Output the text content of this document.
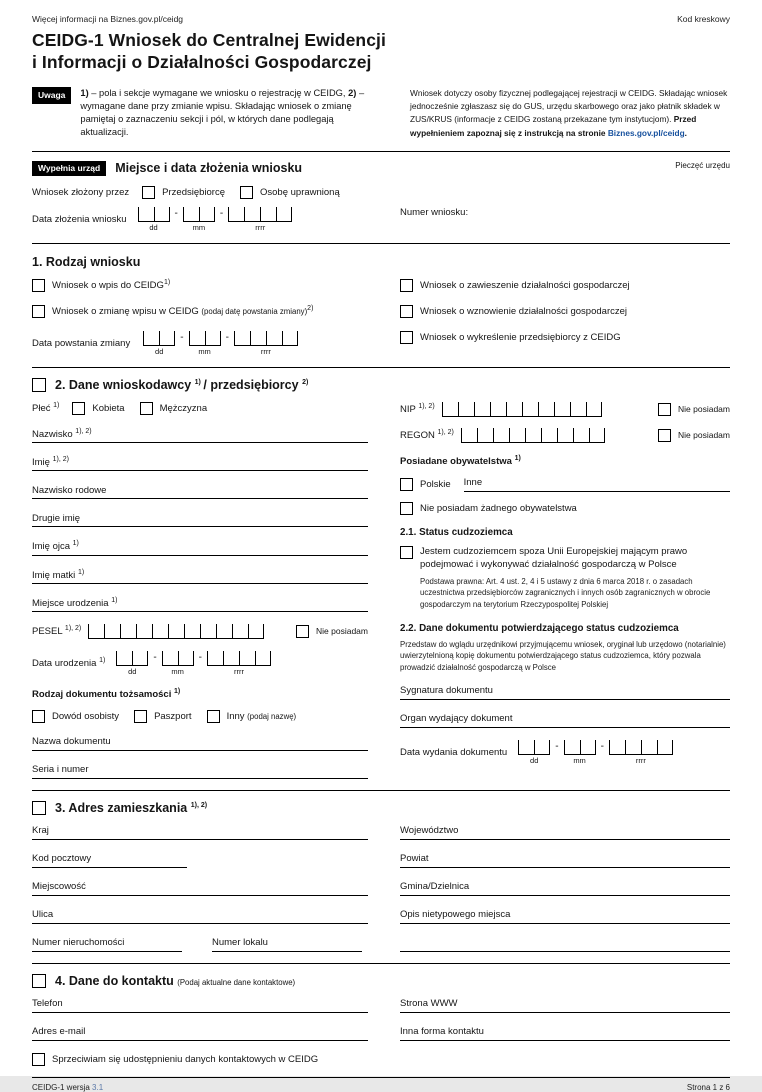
Więcej informacji na Biznes.gov.pl/ceidg	Kod kreskowy
CEIDG-1 Wniosek do Centralnej Ewidencji
i Informacji o Działalności Gospodarczej
Uwaga	1) – pola i sekcje wymagane we wniosku o rejestrację w CEIDG, 2) – wymagane dane przy zmianie wpisu. Składając wniosek o zmianę pamiętaj o zaznaczeniu sekcji i pól, w których dane podlegają aktualizacji.

Wniosek dotyczy osoby fizycznej podlegającej rejestracji w CEIDG. Składając wniosek jednocześnie zgłaszasz się do GUS, urzędu skarbowego oraz jako płatnik składek w ZUS/KRUS (informacje z CEIDG zostaną przekazane tym instytucjom). Przed wypełnieniem zapoznaj się z instrukcją na stronie Biznes.gov.pl/ceidg.

Wypełnia urząd	Miejsce i data złożenia wniosku	Pieczęć urzędu
Wniosek złożony przez	Przedsiębiorcę	Osobę uprawnioną
Data złożenia wniosku
dd
-
mm
-
rrrr
Numer wniosku:
1. Rodzaj wniosku
Wniosek o wpis do CEIDG$^{1)}$
Wniosek o zmianę wpisu w CEIDG (podaj datę powstania zmiany)$^{2)}$
Data powstania zmiany
dd
-
mm
-
rrrr
Wniosek o zawieszenie działalności gospodarczej
Wniosek o wznowienie działalności gospodarczej
Wniosek o wykreślenie przedsiębiorcy z CEIDG
2. Dane wnioskodawcy $^{1)}$  / przedsiębiorcy $^{2)}$
Płeć $^{1)}$	Kobieta	Mężczyzna
Nazwisko $^{1), 2)}$
Imię $^{1), 2)}$
Nazwisko rodowe
Drugie imię
Imię ojca $^{1)}$
Imię matki $^{1)}$
Miejsce urodzenia $^{1)}$
PESEL $^{1), 2)}$	Nie posiadam
Data urodzenia $^{1)}$
dd
-
mm
-
rrrr
Rodzaj dokumentu tożsamości $^{1)}$
Dowód osobisty	Paszport	Inny (podaj nazwę)
Nazwa dokumentu
Seria i numer
NIP $^{1), 2)}$	Nie posiadam
REGON $^{1), 2)}$	Nie posiadam
Posiadane obywatelstwa $^{1)}$
Polskie Inne
Nie posiadam żadnego obywatelstwa
2.1. Status cudzoziemca
Jestem cudzoziemcem spoza Unii Europejskiej mającym prawo podejmować i wykonywać działalność gospodarczą w Polsce

Podstawa prawna: Art. 4 ust. 2, 4 i 5 ustawy z dnia 6 marca 2018 r. o zasadach uczestnictwa przedsiębiorców zagranicznych i innych osób zagranicznych w obrocie gospodarczym na terytorium Rzeczypospolitej Polskiej

2.2. Dane dokumentu potwierdzającego status cudzoziemca

Przedstaw do wglądu urzędnikowi przyjmującemu wniosek, oryginał lub urzędowo (notarialnie) uwierzytelnioną kopię dokumentu potwierdzającego status cudzoziemca, który pozwala prowadzić działalność gospodarczą w Polsce

Sygnatura dokumentu
Organ wydający dokument
Data wydania dokumentu
dd
-
mm
-
rrrr
3. Adres zamieszkania $^{1), 2)}$
Kraj
Kod pocztowy
Miejscowość
Ulica
Numer nieruchomości	Numer lokalu
Województwo
Powiat
Gmina/Dzielnica
Opis nietypowego miejsca

4. Dane do kontaktu (Podaj aktualne dane kontaktowe)
Telefon
Adres e-mail
Strona WWW
Inna forma kontaktu
Sprzeciwiam się udostępnieniu danych kontaktowych w CEIDG
CEIDG-1 wersja 3.1	Strona 1 z 6
